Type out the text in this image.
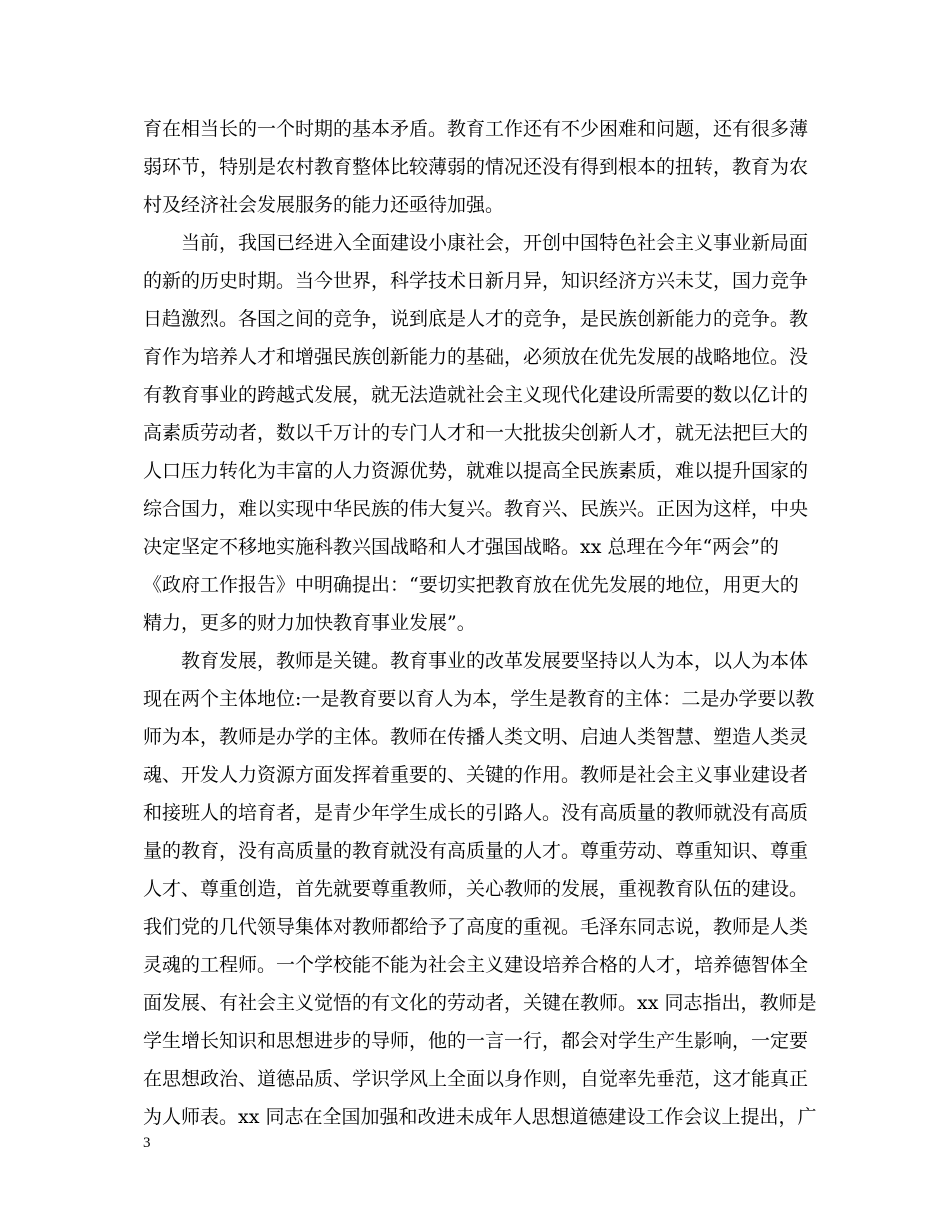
育在相当长的一个时期的基本矛盾。教育工作还有不少困难和问题，还有很多薄
弱环节，特别是农村教育整体比较薄弱的情况还没有得到根本的扭转，教育为农
村及经济社会发展服务的能力还亟待加强。
　　当前，我国已经进入全面建设小康社会，开创中国特色社会主义事业新局面
的新的历史时期。当今世界，科学技术日新月异，知识经济方兴未艾，国力竞争
日趋激烈。各国之间的竞争，说到底是人才的竞争，是民族创新能力的竞争。教
育作为培养人才和增强民族创新能力的基础，必须放在优先发展的战略地位。没
有教育事业的跨越式发展，就无法造就社会主义现代化建设所需要的数以亿计的
高素质劳动者，数以千万计的专门人才和一大批拔尖创新人才，就无法把巨大的
人口压力转化为丰富的人力资源优势，就难以提高全民族素质，难以提升国家的
综合国力，难以实现中华民族的伟大复兴。教育兴、民族兴。正因为这样，中央
决定坚定不移地实施科教兴国战略和人才强国战略。xx 总理在今年“两会”的
《政府工作报告》中明确提出：“要切实把教育放在优先发展的地位，用更大的
精力，更多的财力加快教育事业发展”。
　　教育发展，教师是关键。教育事业的改革发展要坚持以人为本，以人为本体
现在两个主体地位:一是教育要以育人为本，学生是教育的主体：二是办学要以教
师为本，教师是办学的主体。教师在传播人类文明、启迪人类智慧、塑造人类灵
魂、开发人力资源方面发挥着重要的、关键的作用。教师是社会主义事业建设者
和接班人的培育者，是青少年学生成长的引路人。没有高质量的教师就没有高质
量的教育，没有高质量的教育就没有高质量的人才。尊重劳动、尊重知识、尊重
人才、尊重创造，首先就要尊重教师，关心教师的发展，重视教育队伍的建设。
我们党的几代领导集体对教师都给予了高度的重视。毛泽东同志说，教师是人类
灵魂的工程师。一个学校能不能为社会主义建设培养合格的人才，培养德智体全
面发展、有社会主义觉悟的有文化的劳动者，关键在教师。xx 同志指出，教师是
学生增长知识和思想进步的导师，他的一言一行，都会对学生产生影响，一定要
在思想政治、道德品质、学识学风上全面以身作则，自觉率先垂范，这才能真正
为人师表。xx 同志在全国加强和改进未成年人思想道德建设工作会议上提出，广
3
